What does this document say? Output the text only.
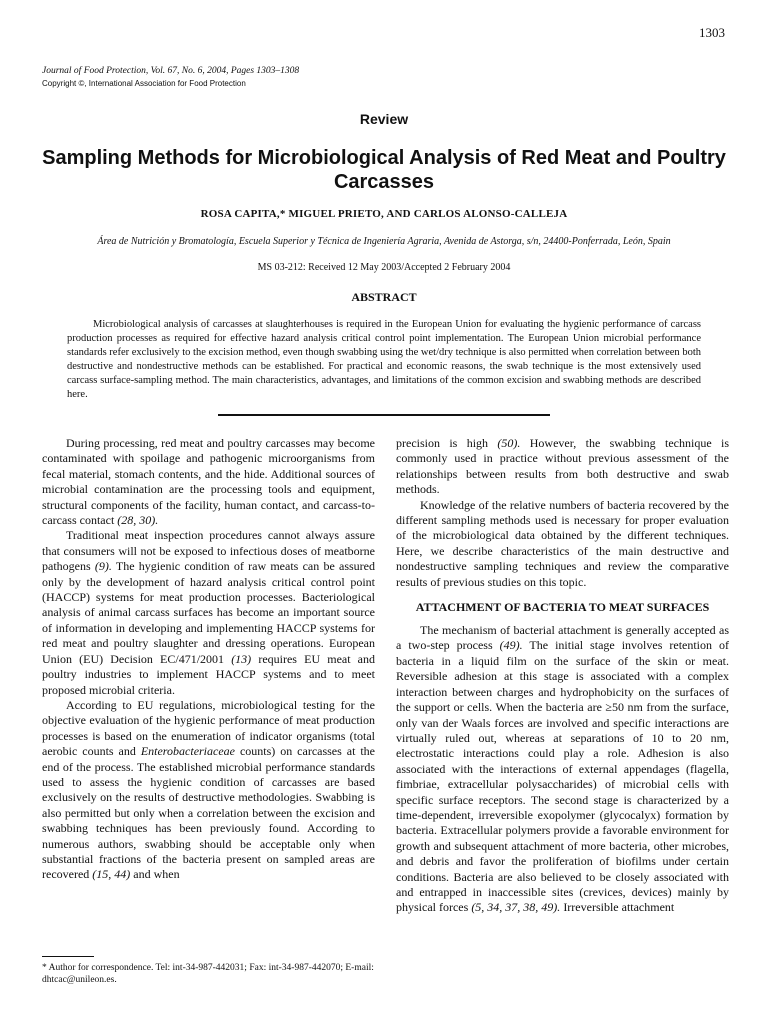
1303
Journal of Food Protection, Vol. 67, No. 6, 2004, Pages 1303–1308
Copyright ©, International Association for Food Protection
Review
Sampling Methods for Microbiological Analysis of Red Meat and Poultry Carcasses
ROSA CAPITA,* MIGUEL PRIETO, AND CARLOS ALONSO-CALLEJA
Área de Nutrición y Bromatología, Escuela Superior y Técnica de Ingeniería Agraria, Avenida de Astorga, s/n, 24400-Ponferrada, León, Spain
MS 03-212: Received 12 May 2003/Accepted 2 February 2004
ABSTRACT
Microbiological analysis of carcasses at slaughterhouses is required in the European Union for evaluating the hygienic performance of carcass production processes as required for effective hazard analysis critical control point implementation. The European Union microbial performance standards refer exclusively to the excision method, even though swabbing using the wet/dry technique is also permitted when correlation between both destructive and nondestructive methods can be established. For practical and economic reasons, the swab technique is the most extensively used carcass surface-sampling method. The main characteristics, advantages, and limitations of the common excision and swabbing methods are described here.

During processing, red meat and poultry carcasses may become contaminated with spoilage and pathogenic microorganisms from fecal material, stomach contents, and the hide. Additional sources of microbial contamination are the processing tools and equipment, structural components of the facility, human contact, and carcass-to-carcass contact (28, 30).

Traditional meat inspection procedures cannot always assure that consumers will not be exposed to infectious doses of meatborne pathogens (9). The hygienic condition of raw meats can be assured only by the development of hazard analysis critical control point (HACCP) systems for meat production processes. Bacteriological analysis of animal carcass surfaces has become an important source of information in developing and implementing HACCP systems for red meat and poultry slaughter and dressing operations. European Union (EU) Decision EC/471/2001 (13) requires EU meat and poultry industries to implement HACCP systems and to meet proposed microbial criteria.

According to EU regulations, microbiological testing for the objective evaluation of the hygienic performance of meat production processes is based on the enumeration of indicator organisms (total aerobic counts and Enterobacteriaceae counts) on carcasses at the end of the process. The established microbial performance standards used to assess the hygienic condition of carcasses are based exclusively on the results of destructive methodologies. Swabbing is also permitted but only when a correlation between the excision and swabbing techniques has been previously found. According to numerous authors, swabbing should be acceptable only when substantial fractions of the bacteria present on sampled areas are recovered (15, 44) and when

precision is high (50). However, the swabbing technique is commonly used in practice without previous assessment of the relationships between results from both destructive and swab methods.

Knowledge of the relative numbers of bacteria recovered by the different sampling methods used is necessary for proper evaluation of the microbiological data obtained by the different techniques. Here, we describe characteristics of the main destructive and nondestructive sampling techniques and review the comparative results of previous studies on this topic.

ATTACHMENT OF BACTERIA TO MEAT SURFACES

The mechanism of bacterial attachment is generally accepted as a two-step process (49). The initial stage involves retention of bacteria in a liquid film on the surface of the skin or meat. Reversible adhesion at this stage is associated with a complex interaction between charges and hydrophobicity on the surfaces of the support or cells. When the bacteria are ≥50 nm from the surface, only van der Waals forces are involved and specific interactions are virtually ruled out, whereas at separations of 10 to 20 nm, electrostatic interactions could play a role. Adhesion is also associated with the interactions of external appendages (flagella, fimbriae, extracellular polysaccharides) of microbial cells with specific surface receptors. The second stage is characterized by a time-dependent, irreversible exopolymer (glycocalyx) formation by bacteria. Extracellular polymers provide a favorable environment for growth and subsequent attachment of more bacteria, other microbes, and debris and favor the proliferation of biofilms under certain conditions. Bacteria are also believed to be closely associated with and entrapped in inaccessible sites (crevices, devices) mainly by physical forces (5, 34, 37, 38, 49). Irreversible attachment

* Author for correspondence. Tel: int-34-987-442031; Fax: int-34-987-442070; E-mail: dhtcac@unileon.es.
